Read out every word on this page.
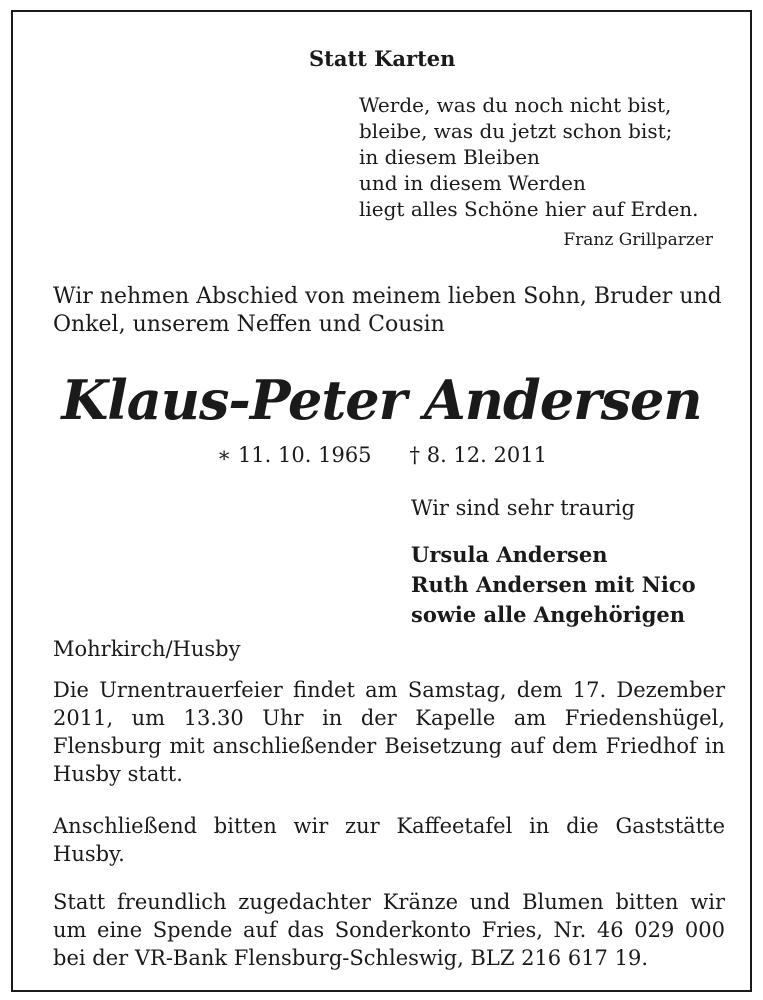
Statt Karten
Werde, was du noch nicht bist,
bleibe, was du jetzt schon bist;
in diesem Bleiben
und in diesem Werden
liegt alles Schöne hier auf Erden.
Franz Grillparzer
Wir nehmen Abschied von meinem lieben Sohn, Bruder und Onkel, unserem Neffen und Cousin
Klaus-Peter Andersen
∗ 11. 10. 1965 † 8. 12. 2011
Wir sind sehr traurig
Ursula Andersen
Ruth Andersen mit Nico
sowie alle Angehörigen
Mohrkirch/Husby
Die Urnentrauerfeier findet am Samstag, dem 17. Dezember 2011, um 13.30 Uhr in der Kapelle am Friedenshügel, Flensburg mit anschließender Beisetzung auf dem Friedhof in Husby statt.
Anschließend bitten wir zur Kaffeetafel in die Gaststätte Husby.
Statt freundlich zugedachter Kränze und Blumen bitten wir um eine Spende auf das Sonderkonto Fries, Nr. 46 029 000 bei der VR-Bank Flensburg-Schleswig, BLZ 216 617 19.
